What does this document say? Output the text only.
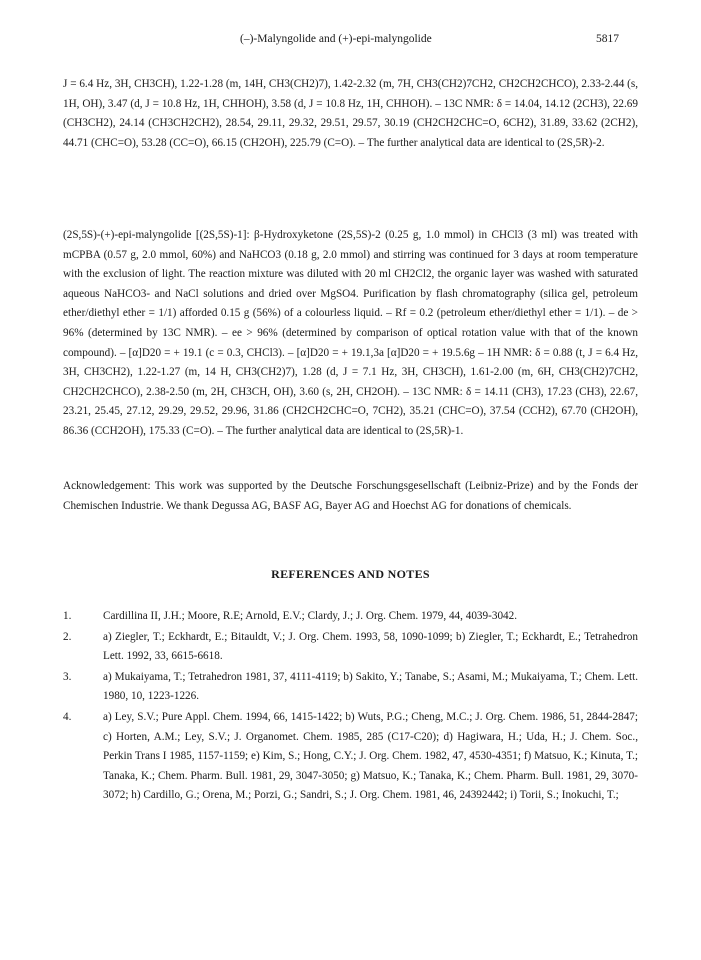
(–)-Malyngolide and (+)-epi-malyngolide	5817

J = 6.4 Hz, 3H, CH3CH), 1.22-1.28 (m, 14H, CH3(CH2)7), 1.42-2.32 (m, 7H, CH3(CH2)7CH2, CH2CH2CHCO), 2.33-2.44 (s, 1H, OH), 3.47 (d, J = 10.8 Hz, 1H, CHHOH), 3.58 (d, J = 10.8 Hz, 1H, CHHOH). – 13C NMR: δ = 14.04, 14.12 (2CH3), 22.69 (CH3CH2), 24.14 (CH3CH2CH2), 28.54, 29.11, 29.32, 29.51, 29.57, 30.19 (CH2CH2CHC=O, 6CH2), 31.89, 33.62 (2CH2), 44.71 (CHC=O), 53.28 (CC=O), 66.15 (CH2OH), 225.79 (C=O). – The further analytical data are identical to (2S,5R)-2.

(2S,5S)-(+)-epi-malyngolide [(2S,5S)-1]: β-Hydroxyketone (2S,5S)-2 (0.25 g, 1.0 mmol) in CHCl3 (3 ml) was treated with mCPBA (0.57 g, 2.0 mmol, 60%) and NaHCO3 (0.18 g, 2.0 mmol) and stirring was continued for 3 days at room temperature with the exclusion of light. The reaction mixture was diluted with 20 ml CH2Cl2, the organic layer was washed with saturated aqueous NaHCO3- and NaCl solutions and dried over MgSO4. Purification by flash chromatography (silica gel, petroleum ether/diethyl ether = 1/1) afforded 0.15 g (56%) of a colourless liquid. – Rf = 0.2 (petroleum ether/diethyl ether = 1/1). – de > 96% (determined by 13C NMR). – ee > 96% (determined by comparison of optical rotation value with that of the known compound). – [α]D20 = + 19.1 (c = 0.3, CHCl3). – [α]D20 = + 19.1,3a [α]D20 = + 19.5.6g – 1H NMR: δ = 0.88 (t, J = 6.4 Hz, 3H, CH3CH2), 1.22-1.27 (m, 14 H, CH3(CH2)7), 1.28 (d, J = 7.1 Hz, 3H, CH3CH), 1.61-2.00 (m, 6H, CH3(CH2)7CH2, CH2CH2CHCO), 2.38-2.50 (m, 2H, CH3CH, OH), 3.60 (s, 2H, CH2OH). – 13C NMR: δ = 14.11 (CH3), 17.23 (CH3), 22.67, 23.21, 25.45, 27.12, 29.29, 29.52, 29.96, 31.86 (CH2CH2CHC=O, 7CH2), 35.21 (CHC=O), 37.54 (CCH2), 67.70 (CH2OH), 86.36 (CCH2OH), 175.33 (C=O). – The further analytical data are identical to (2S,5R)-1.

Acknowledgement: This work was supported by the Deutsche Forschungsgesellschaft (Leibniz-Prize) and by the Fonds der Chemischen Industrie. We thank Degussa AG, BASF AG, Bayer AG and Hoechst AG for donations of chemicals.

REFERENCES AND NOTES
1.	Cardillina II, J.H.; Moore, R.E; Arnold, E.V.; Clardy, J.; J. Org. Chem. 1979, 44, 4039-3042.
2.	a) Ziegler, T.; Eckhardt, E.; Bitauldt, V.; J. Org. Chem. 1993, 58, 1090-1099; b) Ziegler, T.; Eckhardt, E.; Tetrahedron Lett. 1992, 33, 6615-6618.
3.	a) Mukaiyama, T.; Tetrahedron 1981, 37, 4111-4119; b) Sakito, Y.; Tanabe, S.; Asami, M.; Mukaiyama, T.; Chem. Lett. 1980, 10, 1223-1226.
4.	a) Ley, S.V.; Pure Appl. Chem. 1994, 66, 1415-1422; b) Wuts, P.G.; Cheng, M.C.; J. Org. Chem. 1986, 51, 2844-2847; c) Horten, A.M.; Ley, S.V.; J. Organomet. Chem. 1985, 285 (C17-C20); d) Hagiwara, H.; Uda, H.; J. Chem. Soc., Perkin Trans I 1985, 1157-1159; e) Kim, S.; Hong, C.Y.; J. Org. Chem. 1982, 47, 4530-4351; f) Matsuo, K.; Kinuta, T.; Tanaka, K.; Chem. Pharm. Bull. 1981, 29, 3047-3050; g) Matsuo, K.; Tanaka, K.; Chem. Pharm. Bull. 1981, 29, 3070-3072; h) Cardillo, G.; Orena, M.; Porzi, G.; Sandri, S.; J. Org. Chem. 1981, 46, 24392442; i) Torii, S.; Inokuchi, T.;
